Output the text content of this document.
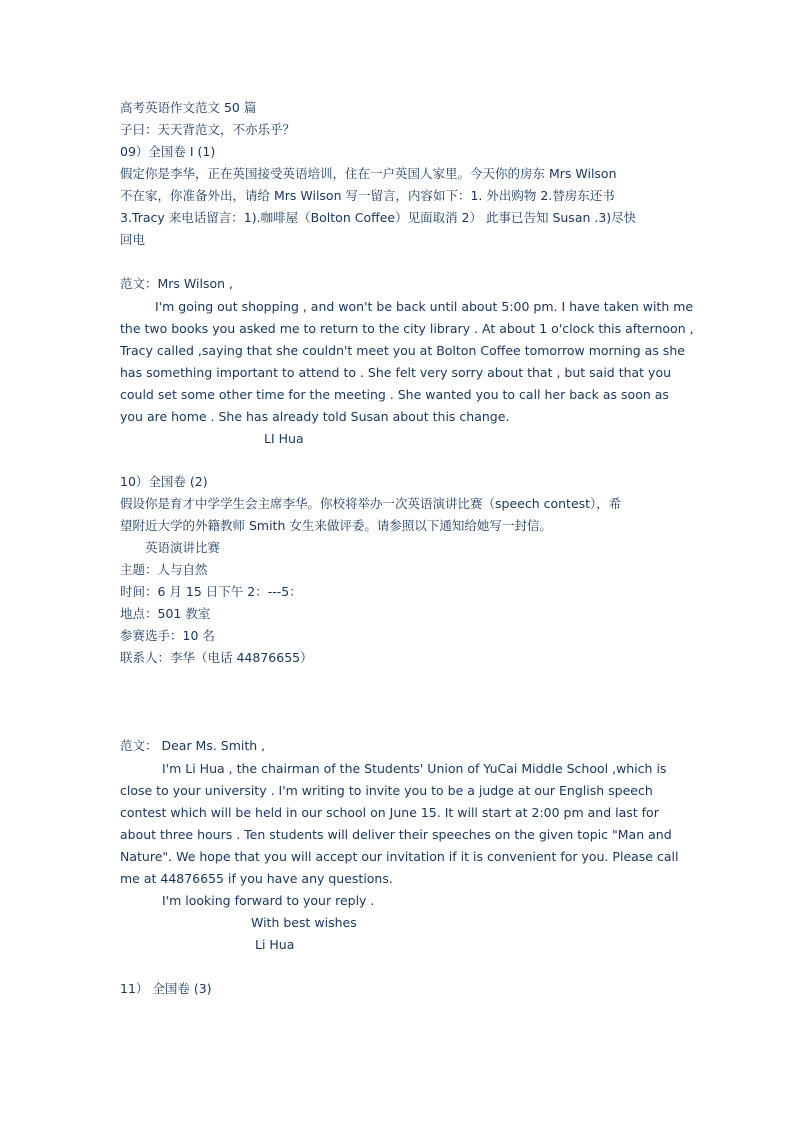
高考英语作文范文 50 篇
子曰：天天背范文，不亦乐乎？
09）全国卷 I (1)
假定你是李华，正在英国接受英语培训，住在一户英国人家里。今天你的房东 Mrs Wilson
不在家，你准备外出，请给 Mrs Wilson 写一留言，内容如下：1. 外出购物 2.替房东还书
3.Tracy 来电话留言：1).咖啡屋（Bolton Coffee）见面取消 2） 此事已告知 Susan .3)尽快
回电
范文：Mrs Wilson ,
I'm going out shopping , and won't be back until about 5:00 pm. I have taken with me
the two books you asked me to return to the city library . At about 1 o'clock this afternoon ,
Tracy called ,saying that she couldn't meet you at Bolton Coffee tomorrow morning as she
has something important to attend to . She felt very sorry about that , but said that you
could set some other time for the meeting . She wanted you to call her back as soon as
you are home . She has already told Susan about this change.
LI Hua
10）全国卷 (2)
假设你是育才中学学生会主席李华。你校将举办一次英语演讲比赛（speech contest），希
望附近大学的外籍教师 Smith 女生来做评委。请参照以下通知给她写一封信。
英语演讲比赛
主题：人与自然
时间：6 月 15 日下午 2：---5：
地点：501 教室
参赛选手：10 名
联系人：李华（电话 44876655）
范文： Dear Ms. Smith ,
I'm Li Hua , the chairman of the Students' Union of YuCai Middle School ,which is
close to your university . I'm writing to invite you to be a judge at our English speech
contest which will be held in our school on June 15. It will start at 2:00 pm and last for
about three hours . Ten students will deliver their speeches on the given topic "Man and
Nature". We hope that you will accept our invitation if it is convenient for you. Please call
me at 44876655 if you have any questions.
I'm looking forward to your reply .
With best wishes
Li Hua
11） 全国卷 (3)
